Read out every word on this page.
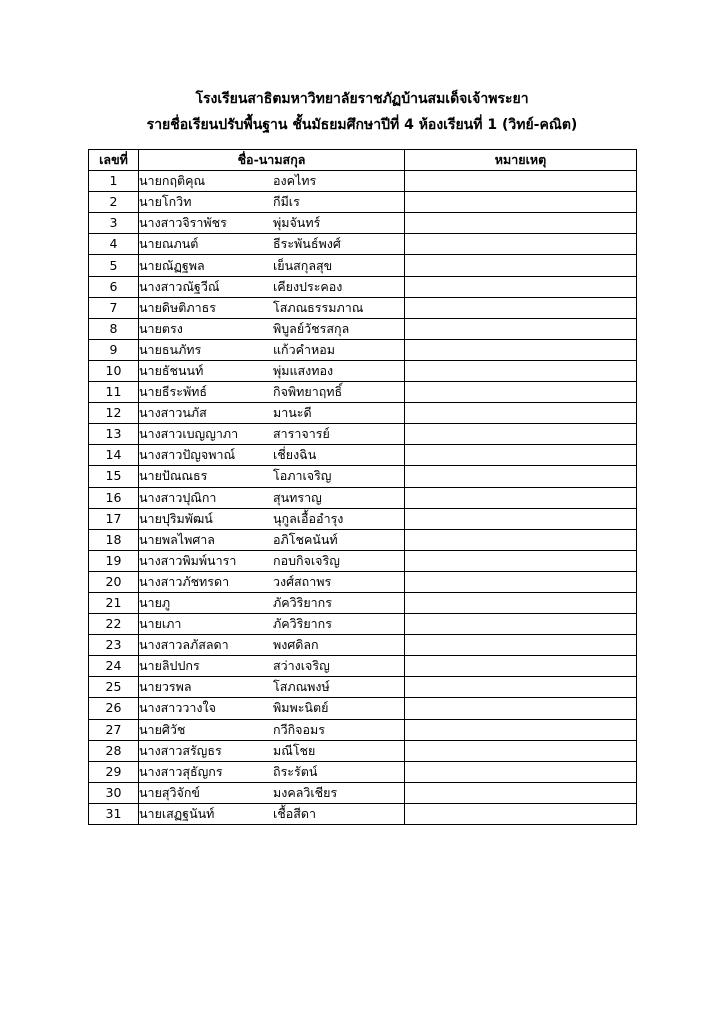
โรงเรียนสาธิตมหาวิทยาลัยราชภัฏบ้านสมเด็จเจ้าพระยา
รายชื่อเรียนปรับพื้นฐาน ชั้นมัธยมศึกษาปีที่ 4 ห้องเรียนที่ 1 (วิทย์-คณิต)
เลขที่	ชื่อ-นามสกุล	หมายเหตุ
1	นายกฤติคุณ องคไทร	
2	นายโกวิท กีมีเร	
3	นางสาวจิราพัชร พุ่มจันทร์	
4	นายณภนต์ ธีระพันธ์พงศ์	
5	นายณัฏฐพล เย็นสกุลสุข	
6	นางสาวณัฐวีณ์ เคียงประคอง	
7	นายดิษติภาธร โสภณธรรมภาณ	
8	นายตรง พิบูลย์วัชรสกุล	
9	นายธนภัทร แก้วคำหอม	
10	นายธัชนนท์ พุ่มแสงทอง	
11	นายธีระพัทธ์ กิจพิทยาฤทธิ์	
12	นางสาวนภัส มานะดี	
13	นางสาวเบญญาภา สาราจารย์	
14	นางสาวปัญจพาณ์ เชี่ยงฉิน	
15	นายปัณณธร โอภาเจริญ	
16	นางสาวปุณิกา สุนทราญ	
17	นายปุริมพัฒน์ นุกูลเอื้ออำรุง	
18	นายพลไพศาล อภิโชคนันท์	
19	นางสาวพิมพ์นารา กอบกิจเจริญ	
20	นางสาวภัชทรดา วงศ์สถาพร	
21	นายภู ภัควิริยากร	
22	นายเภา ภัควิริยากร	
23	นางสาวลภัสลดา พงศดิลก	
24	นายลิปปกร สว่างเจริญ	
25	นายวรพล โสภณพงษ์	
26	นางสาววางใจ พิมพะนิตย์	
27	นายศิวัช กวีกิจอมร	
28	นางสาวสรัญธร มณีโชย	
29	นางสาวสุธัญกร ถิระรัตน์	
30	นายสุวิจักข์ มงคลวิเชียร	
31	นายเสฏฐนันท์ เชื้อสีดา	
